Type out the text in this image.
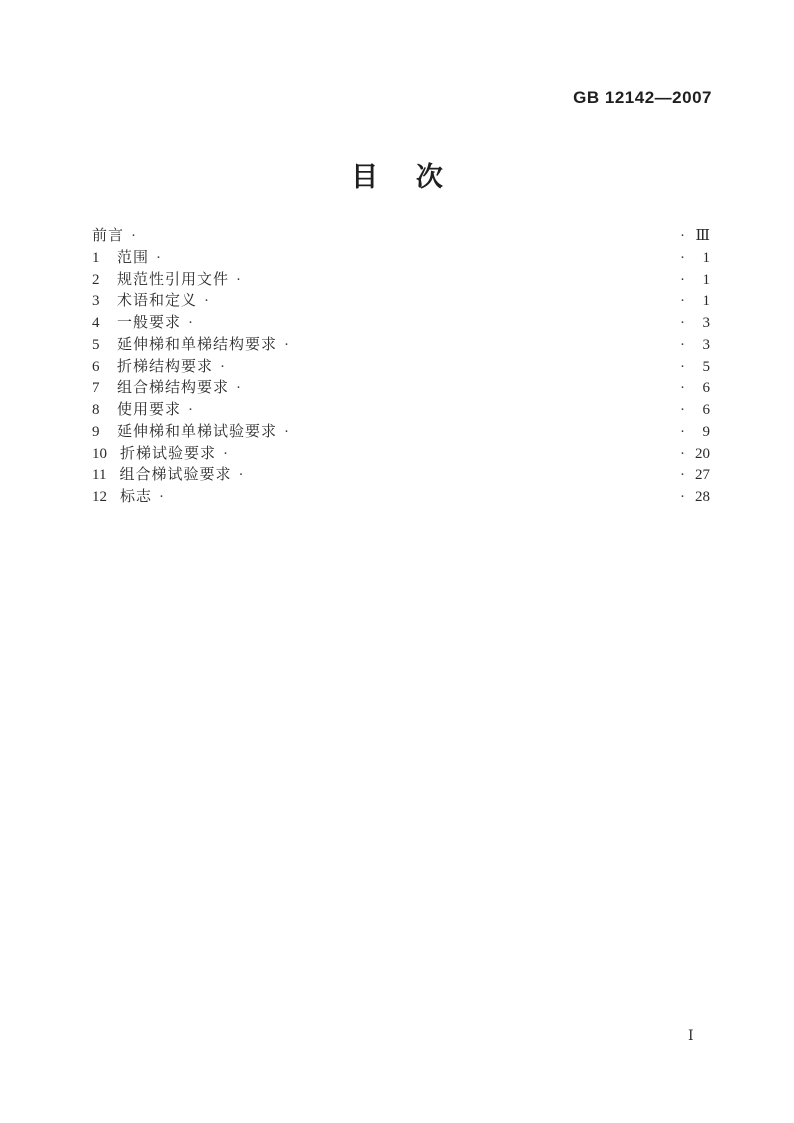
GB 12142—2007
目次
前言 ·	· Ⅲ
1	范围 ·	·	1
2	规范性引用文件 ·	·	1
3	术语和定义 ·	·	1
4	一般要求 ·	·	3
5	延伸梯和单梯结构要求 ·	·	3
6	折梯结构要求 ·	·	5
7	组合梯结构要求 ·	·	6
8	使用要求 ·	·	6
9	延伸梯和单梯试验要求 ·	·	9
10 折梯试验要求 ·	· 20
11 组合梯试验要求 ·	· 27
12 标志 ·	· 28
Ⅰ
